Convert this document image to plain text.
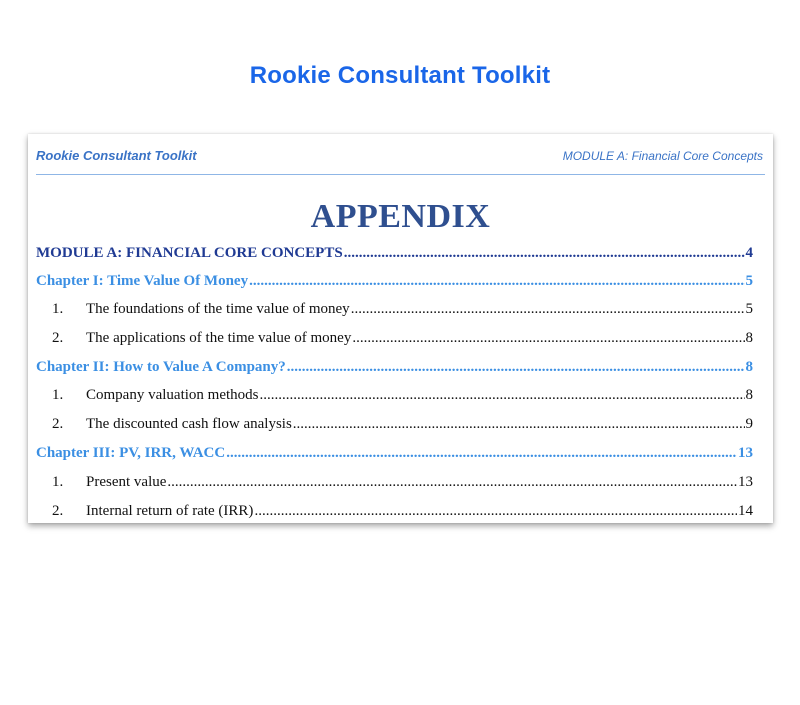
Rookie Consultant Toolkit
Rookie Consultant Toolkit	MODULE A: Financial Core Concepts
APPENDIX
MODULE A: FINANCIAL CORE CONCEPTS .....	4
Chapter I: Time Value Of Money .....	5
1.	The foundations of the time value of money .....	5
2.	The applications of the time value of money .....	8
Chapter II: How to Value A Company? .....	8
1.	Company valuation methods .....	8
2.	The discounted cash flow analysis .....	9
Chapter III: PV, IRR, WACC .....	13
1.	Present value .....	13
2.	Internal return of rate (IRR) .....	14
